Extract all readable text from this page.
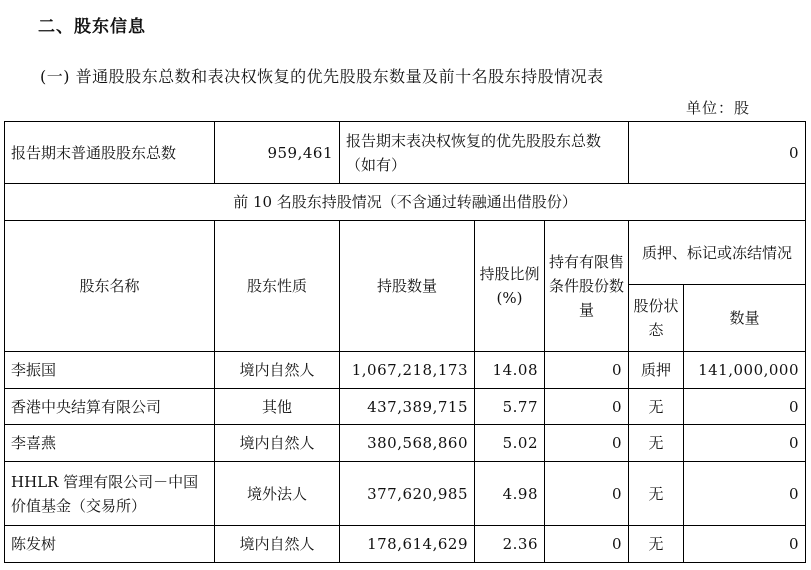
二、股东信息
(一) 普通股股东总数和表决权恢复的优先股股东数量及前十名股东持股情况表
单位：股
报告期末普通股股东总数	959,461	报告期末表决权恢复的优先股股东总数（如有）			0	
前 10 名股东持股情况（不含通过转融通出借股份）						
股东名称	股东性质	持股数量	持股比例(%)	持有有限售条件股份数量	质押、标记或冻结情况	
					股份状态	数量
李振国	境内自然人	1,067,218,173	14.08	0	质押	141,000,000
香港中央结算有限公司	其他	437,389,715	5.77	0	无	0
李喜燕	境内自然人	380,568,860	5.02	0	无	0
HHLR 管理有限公司－中国价值基金（交易所）	境外法人	377,620,985	4.98	0	无	0
陈发树	境内自然人	178,614,629	2.36	0	无	0
